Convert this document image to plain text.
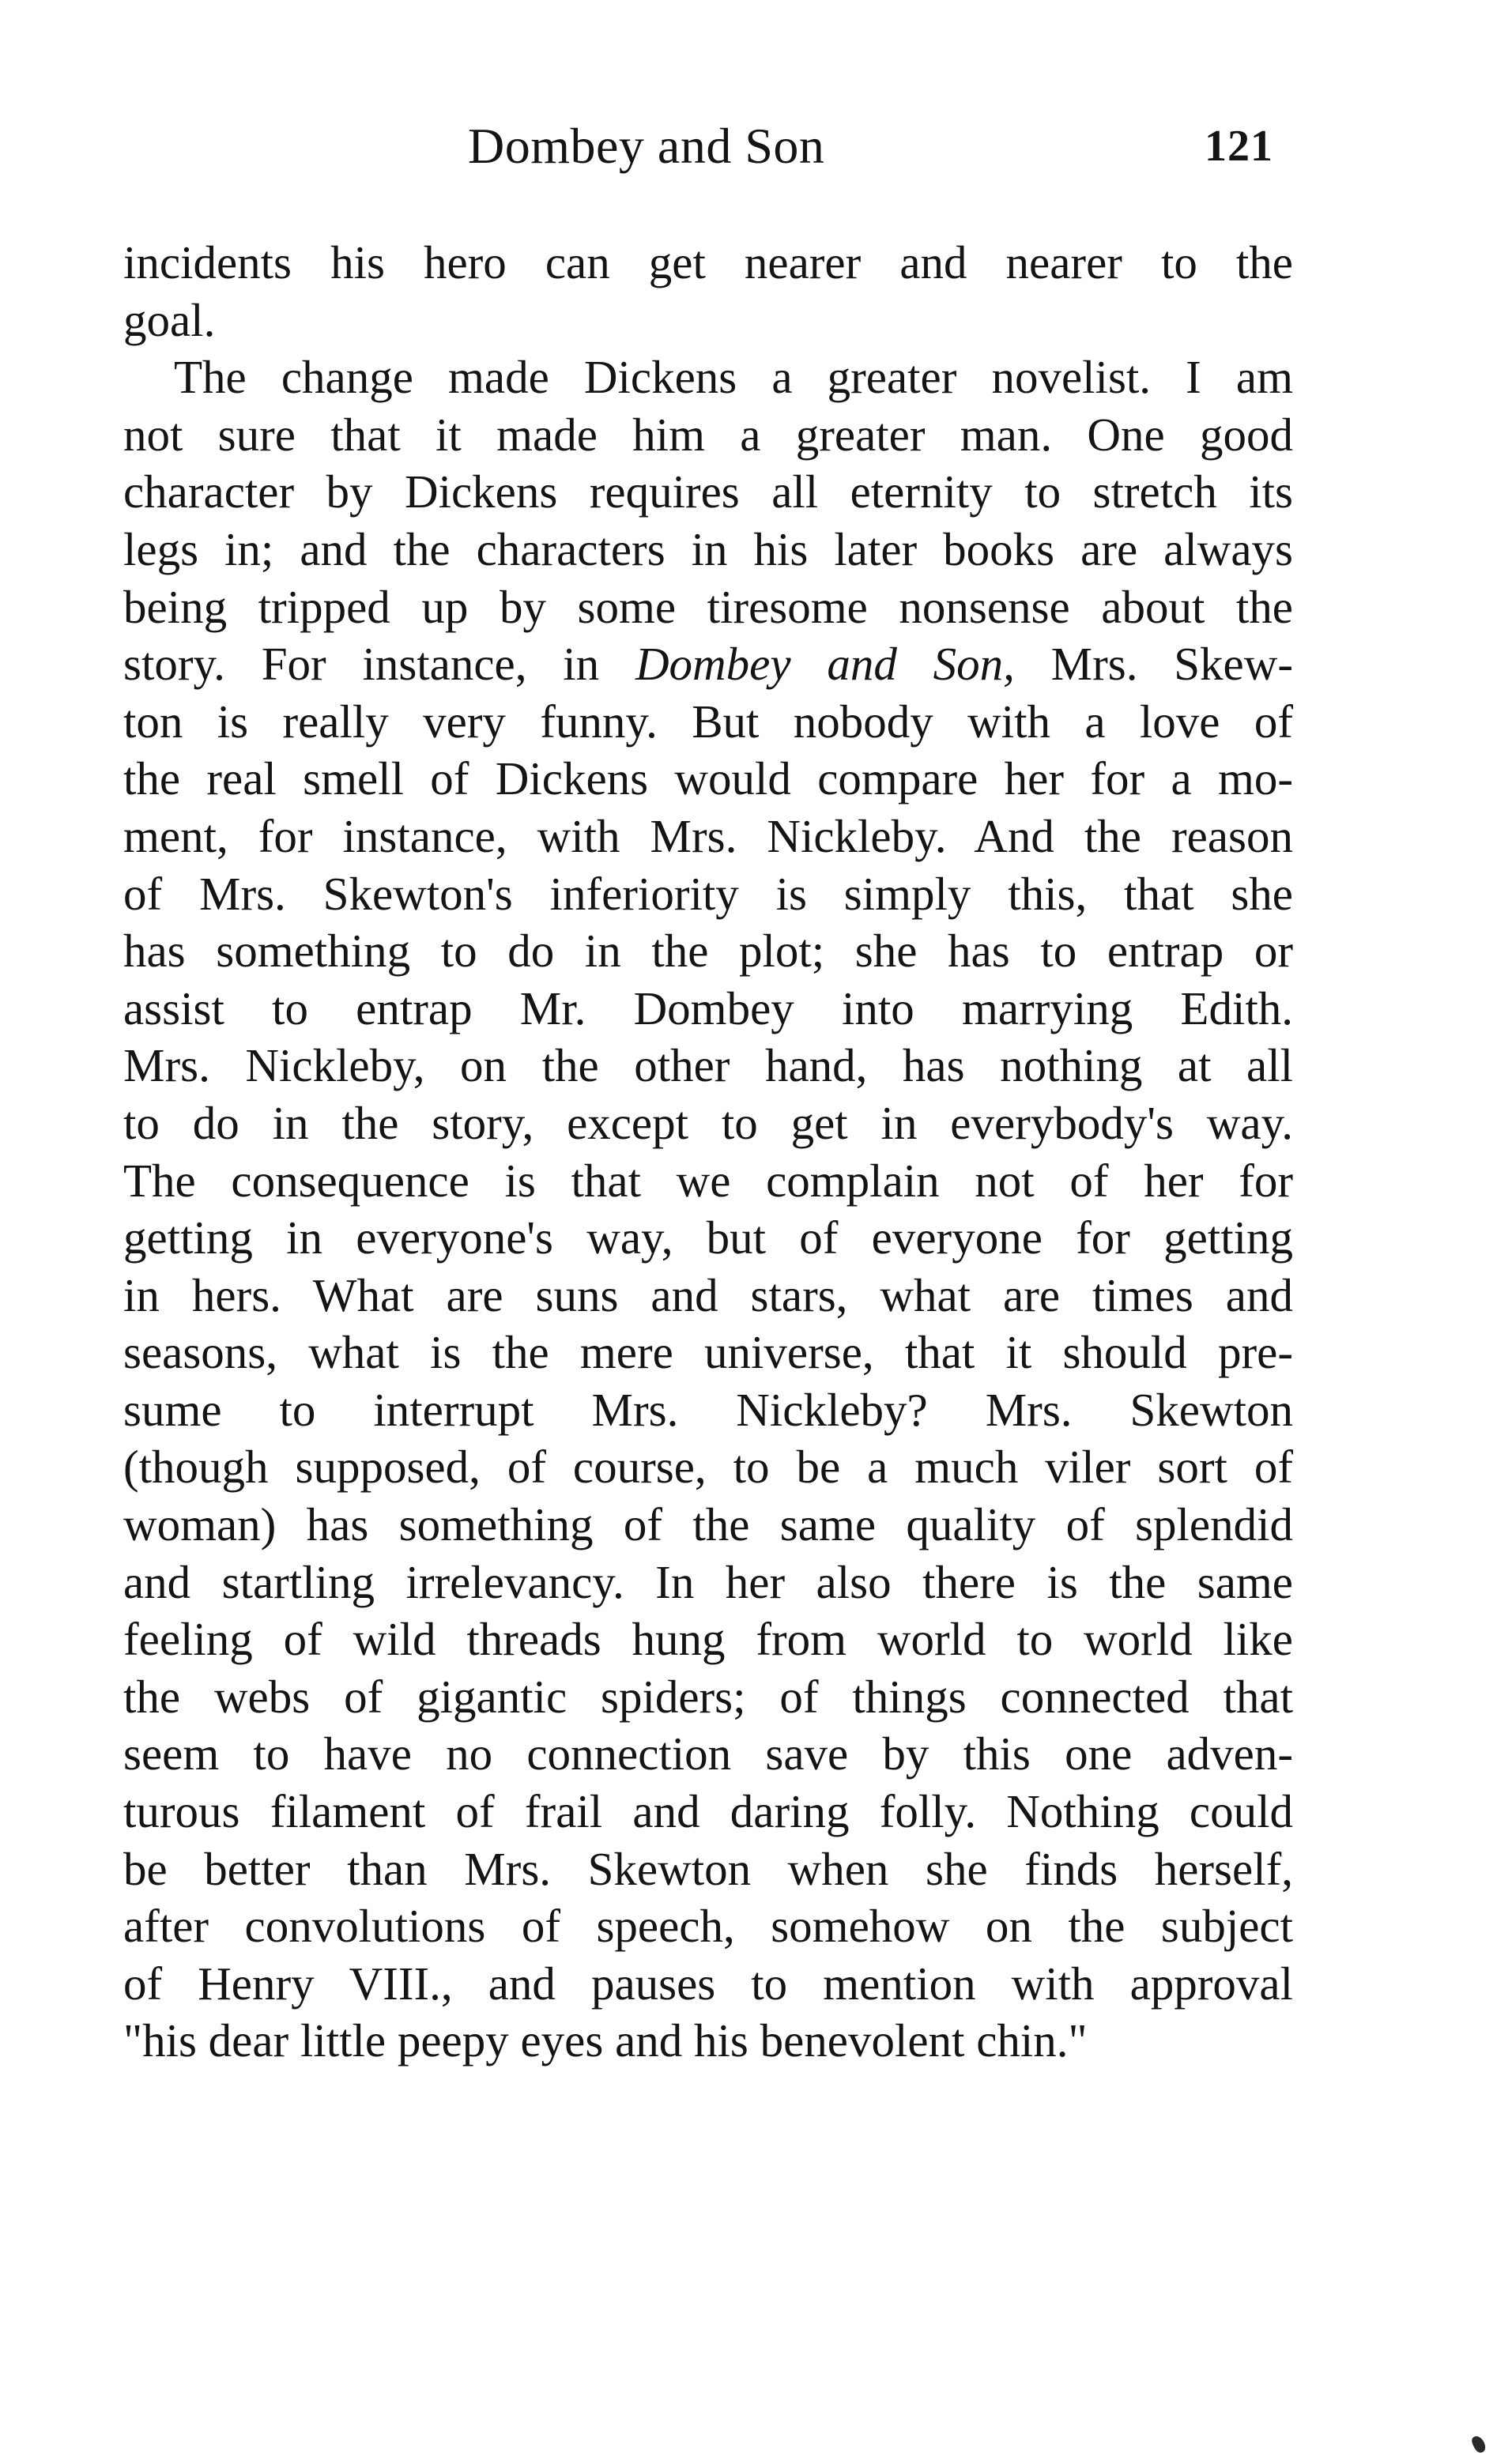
Dombey and Son	121
incidents his hero can get nearer and nearer to the
goal.
The change made Dickens a greater novelist. I am
not sure that it made him a greater man. One good
character by Dickens requires all eternity to stretch its
legs in; and the characters in his later books are always
being tripped up by some tiresome nonsense about the
story. For instance, in Dombey and Son, Mrs. Skew-
ton is really very funny. But nobody with a love of
the real smell of Dickens would compare her for a mo-
ment, for instance, with Mrs. Nickleby. And the reason
of Mrs. Skewton's inferiority is simply this, that she
has something to do in the plot; she has to entrap or
assist to entrap Mr. Dombey into marrying Edith.
Mrs. Nickleby, on the other hand, has nothing at all
to do in the story, except to get in everybody's way.
The consequence is that we complain not of her for
getting in everyone's way, but of everyone for getting
in hers. What are suns and stars, what are times and
seasons, what is the mere universe, that it should pre-
sume to interrupt Mrs. Nickleby? Mrs. Skewton
(though supposed, of course, to be a much viler sort of
woman) has something of the same quality of splendid
and startling irrelevancy. In her also there is the same
feeling of wild threads hung from world to world like
the webs of gigantic spiders; of things connected that
seem to have no connection save by this one adven-
turous filament of frail and daring folly. Nothing could
be better than Mrs. Skewton when she finds herself,
after convolutions of speech, somehow on the subject
of Henry VIII., and pauses to mention with approval
"his dear little peepy eyes and his benevolent chin."
